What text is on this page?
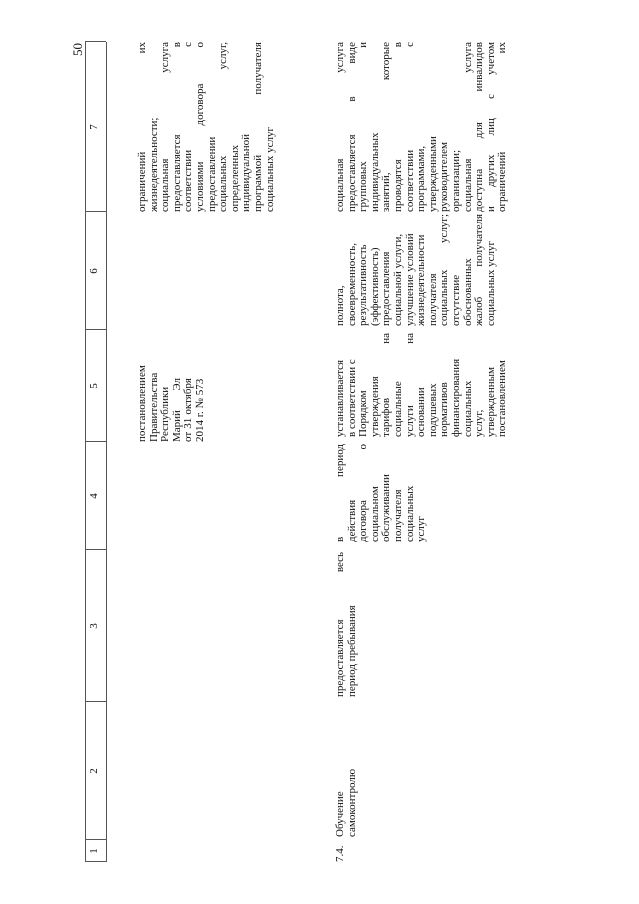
50
1
2
3
4
5
6
7
постановлением Правительства Республики Марий Эл от 31 октября 2014 г. № 573
ограничений их жизнедеятельности; социальная услуга предоставляется в соответствии с условиями договора о предоставлении социальных услуг, определенных индивидуальной программой получателя социальных услуг
7.4.
Обучение самоконтролю
предоставляется весь период пребывания
в период действия договора о социальном обслуживании получателя социальных услуг
устанавливается в соответствии с Порядком утверждения тарифов на социальные услуги на основании подушевых нормативов финансирования социальных услуг, утвержденным постановлением
полнота, своевременность, результативность (эффективность) предоставления социальной услуги, улучшение условий жизнедеятельности получателя социальных услуг; отсутствие обоснованных жалоб получателя социальных услуг
социальная услуга предоставляется в виде групповых и индивидуальных занятий, которые проводятся в соответствии с программами, утвержденными руководителем организации; социальная услуга доступна для инвалидов и других лиц с учетом ограничений их
